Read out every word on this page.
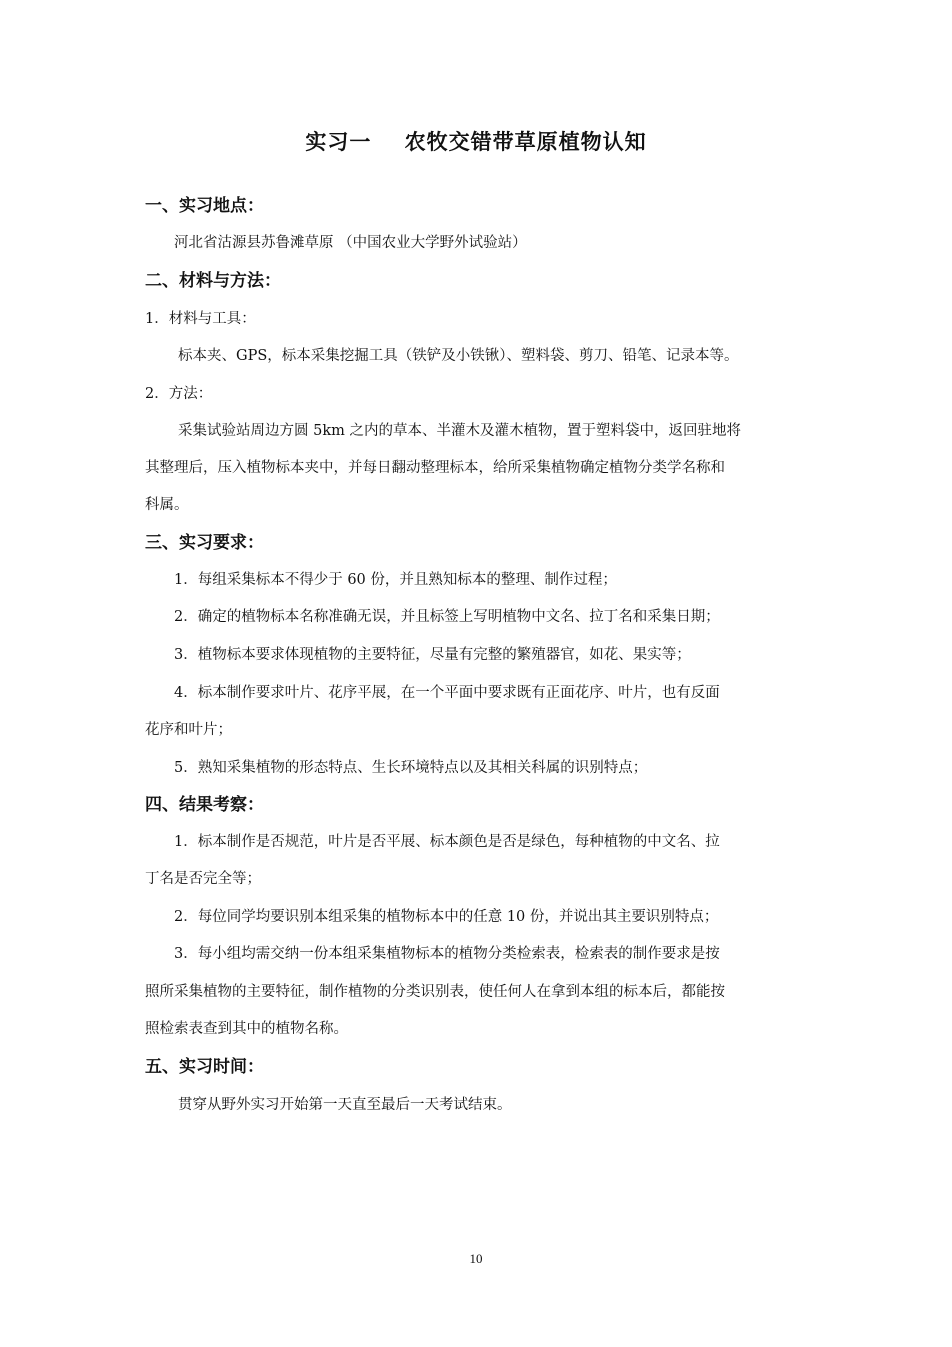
实习一    农牧交错带草原植物认知
一、实习地点：
河北省沽源县苏鲁滩草原 （中国农业大学野外试验站）
二、材料与方法：
1．材料与工具：
标本夹、GPS，标本采集挖掘工具（铁铲及小铁锹）、塑料袋、剪刀、铅笔、记录本等。
2．方法：
采集试验站周边方圆 5km 之内的草本、半灌木及灌木植物，置于塑料袋中，返回驻地将
其整理后，压入植物标本夹中，并每日翻动整理标本，给所采集植物确定植物分类学名称和
科属。
三、实习要求：
1．每组采集标本不得少于 60 份，并且熟知标本的整理、制作过程；
2．确定的植物标本名称准确无误，并且标签上写明植物中文名、拉丁名和采集日期；
3．植物标本要求体现植物的主要特征，尽量有完整的繁殖器官，如花、果实等；
4．标本制作要求叶片、花序平展，在一个平面中要求既有正面花序、叶片，也有反面
花序和叶片；
5．熟知采集植物的形态特点、生长环境特点以及其相关科属的识别特点；
四、结果考察：
1．标本制作是否规范，叶片是否平展、标本颜色是否是绿色，每种植物的中文名、拉
丁名是否完全等；
2．每位同学均要识别本组采集的植物标本中的任意 10 份，并说出其主要识别特点；
3．每小组均需交纳一份本组采集植物标本的植物分类检索表，检索表的制作要求是按
照所采集植物的主要特征，制作植物的分类识别表，使任何人在拿到本组的标本后，都能按
照检索表查到其中的植物名称。
五、实习时间：
贯穿从野外实习开始第一天直至最后一天考试结束。
10
